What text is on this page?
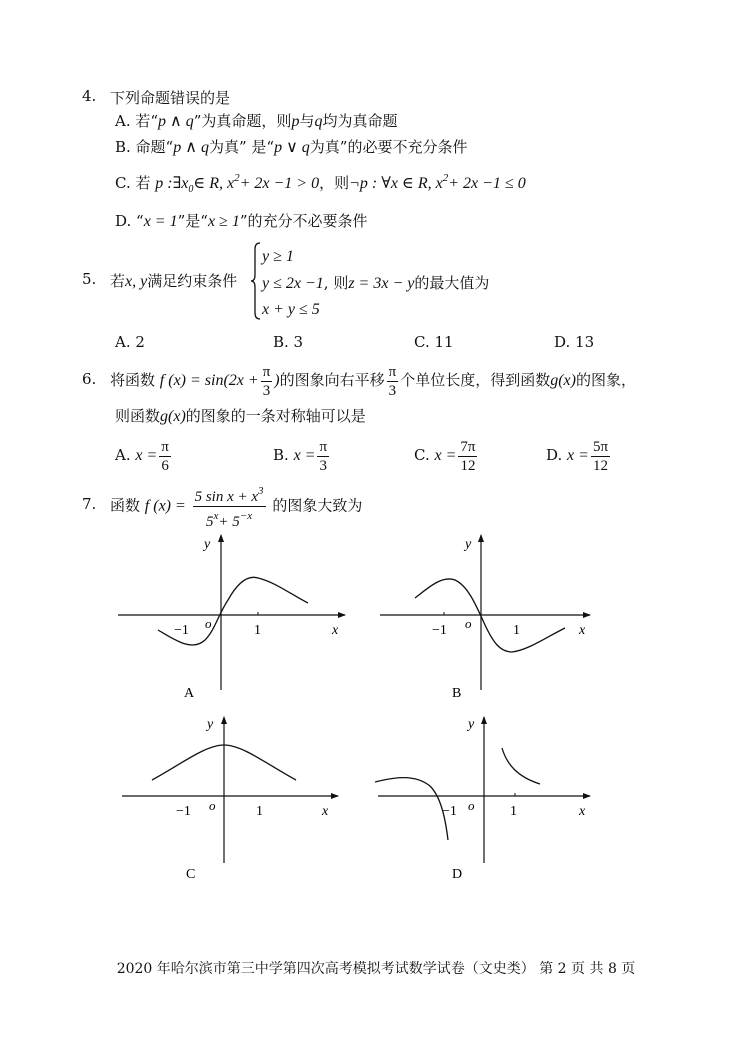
4. 下列命题错误的是
A. 若“p ∧ q”为真命题，则p与q均为真命题
B. 命题“p ∧ q为真” 是“p ∨ q为真”的必要不充分条件
C. 若 p $:\exists x_0\in$ R, $x^2+ 2x -1 > 0$，则¬p : ∀x ∈ R, $x^2+ 2x -1 \le 0$
D. “x = 1”是“x ≥ 1”的充分不必要条件
5. 若x, y满足约束条件
y ≥ 1
y ≤ 2x −1, 则z = 3x − y的最大值为
x + y ≤ 5
A. 2	B. 3	C. 11	D. 13
6. 将函数 f $(x) = \sin(2x + \frac{\pi}{3}$ )的图象向右平移 $\frac{\pi}{3}$ 个单位长度，得到函数g(x)的图象，
则函数g(x)的图象的一条对称轴可以是
A. $x = \frac{\pi}{6}$	B. $x = \frac{\pi}{3}$	C. $x = \frac{7\pi}{12}$	D. $x = \frac{5\pi}{12}$
7. 函数 f $(x) = \frac{5 \sin x + x^3}{5^x+ 5^{-x}}$ 的图象大致为
y
x
o
−1	1
A
y
x
o
−1	1
B
y
x
o
−1	1
C
y
x
o
−1	1
D
2020 年哈尔滨市第三中学第四次高考模拟考试数学试卷（文史类） 第 2 页 共 8 页
